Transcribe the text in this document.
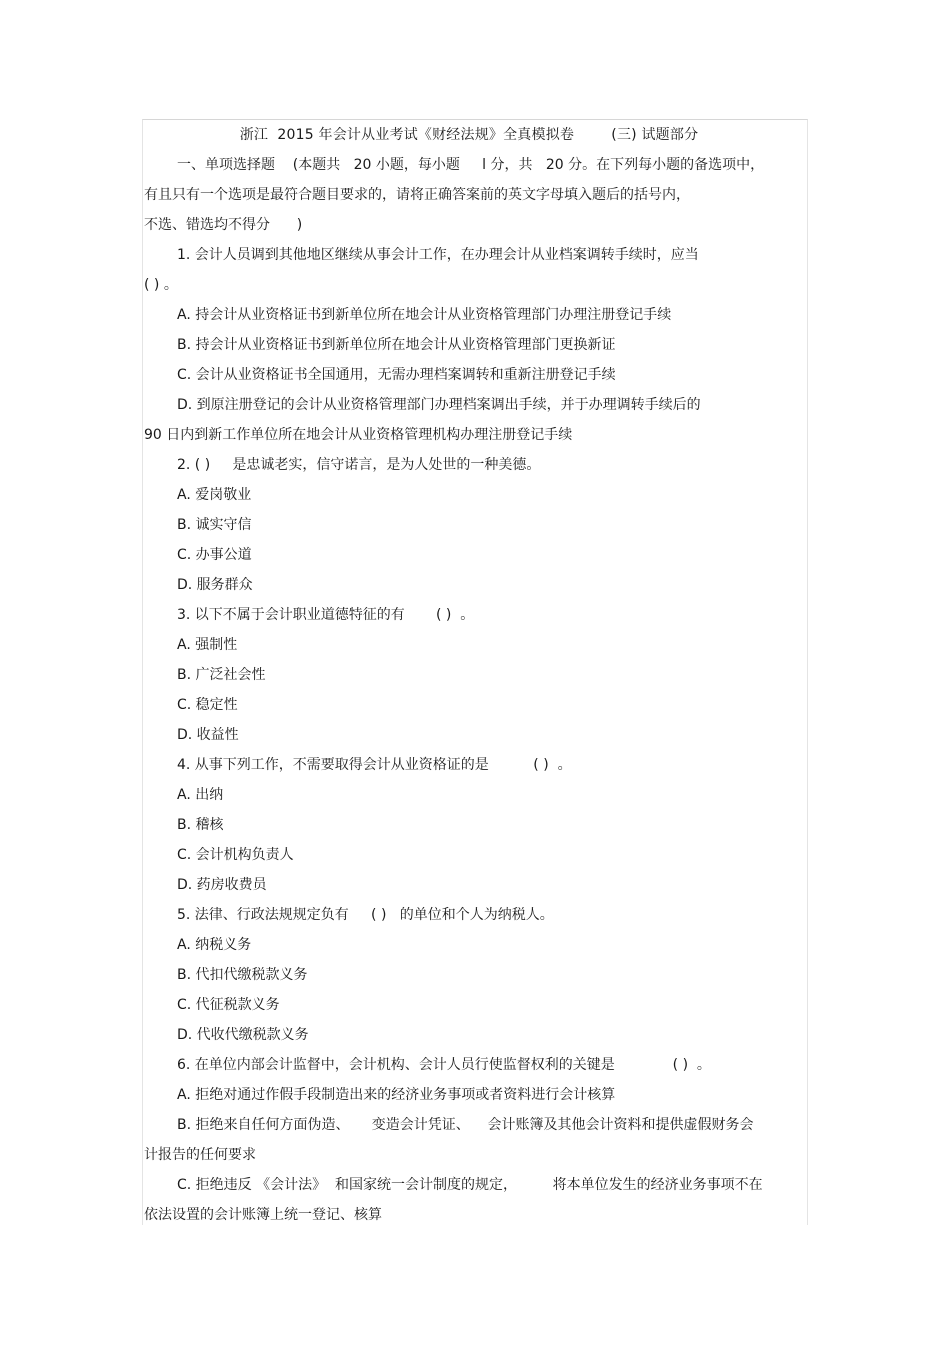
浙江  2015 年会计从业考试《财经法规》全真模拟卷        (三) 试题部分
一、单项选择题    (本题共   20 小题，每小题     l 分，共   20 分。在下列每小题的备选项中，
有且只有一个选项是最符合题目要求的，请将正确答案前的英文字母填入题后的括号内，
不选、错选均不得分      )
1. 会计人员调到其他地区继续从事会计工作，在办理会计从业档案调转手续时，应当
( ) 。
A. 持会计从业资格证书到新单位所在地会计从业资格管理部门办理注册登记手续
B. 持会计从业资格证书到新单位所在地会计从业资格管理部门更换新证
C. 会计从业资格证书全国通用，无需办理档案调转和重新注册登记手续
D. 到原注册登记的会计从业资格管理部门办理档案调出手续，并于办理调转手续后的
90 日内到新工作单位所在地会计从业资格管理机构办理注册登记手续
2. ( )     是忠诚老实，信守诺言，是为人处世的一种美德。
A. 爱岗敬业
B. 诚实守信
C. 办事公道
D. 服务群众
3. 以下不属于会计职业道德特征的有       ( )  。
A. 强制性
B. 广泛社会性
C. 稳定性
D. 收益性
4. 从事下列工作，不需要取得会计从业资格证的是          ( )  。
A. 出纳
B. 稽核
C. 会计机构负责人
D. 药房收费员
5. 法律、行政法规规定负有     ( )   的单位和个人为纳税人。
A. 纳税义务
B. 代扣代缴税款义务
C. 代征税款义务
D. 代收代缴税款义务
6. 在单位内部会计监督中，会计机构、会计人员行使监督权利的关键是             ( )  。
A. 拒绝对通过作假手段制造出来的经济业务事项或者资料进行会计核算
B. 拒绝来自任何方面伪造、     变造会计凭证、    会计账簿及其他会计资料和提供虚假财务会
计报告的任何要求
C. 拒绝违反 《会计法》  和国家统一会计制度的规定，        将本单位发生的经济业务事项不在
依法设置的会计账簿上统一登记、核算
